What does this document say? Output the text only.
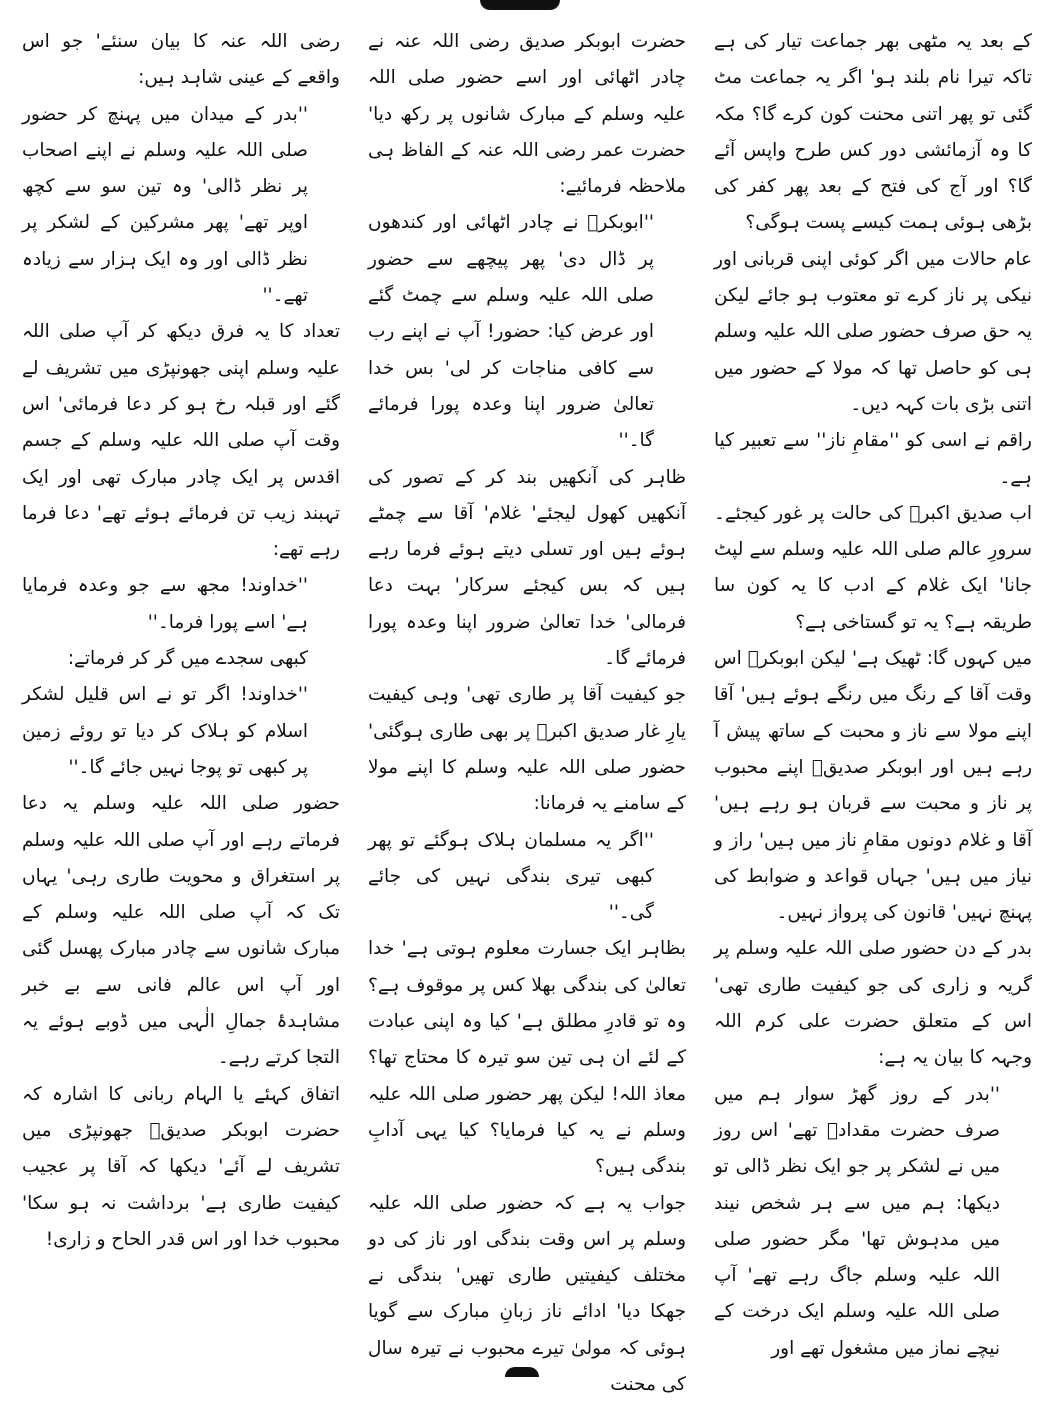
رضی اللہ عنہ کا بیان سنئے' جو اس واقعے کے عینی شاہد ہیں:

''بدر کے میدان میں پہنچ کر حضور صلی اللہ علیہ وسلم نے اپنے اصحاب پر نظر ڈالی' وہ تین سو سے کچھ اوپر تھے' پھر مشرکین کے لشکر پر نظر ڈالی اور وہ ایک ہزار سے زیادہ تھے۔''

تعداد کا یہ فرق دیکھ کر آپ صلی اللہ علیہ وسلم اپنی جھونپڑی میں تشریف لے گئے اور قبلہ رخ ہو کر دعا فرمائی' اس وقت آپ صلی اللہ علیہ وسلم کے جسم اقدس پر ایک چادر مبارک تھی اور ایک تہبند زیب تن فرمائے ہوئے تھے' دعا فرما رہے تھے:

''خداوند! مجھ سے جو وعدہ فرمایا ہے' اسے پورا فرما۔''

کبھی سجدے میں گر کر فرماتے:

''خداوند! اگر تو نے اس قلیل لشکر اسلام کو ہلاک کر دیا تو روئے زمین پر کبھی تو پوجا نہیں جائے گا۔''

حضور صلی اللہ علیہ وسلم یہ دعا فرماتے رہے اور آپ صلی اللہ علیہ وسلم پر استغراق و محویت طاری رہی' یہاں تک کہ آپ صلی اللہ علیہ وسلم کے مبارک شانوں سے چادر مبارک پھسل گئی اور آپ اس عالم فانی سے بے خبر مشاہدۂ جمالِ الٰہی میں ڈوبے ہوئے یہ التجا کرتے رہے۔

اتفاق کہئے یا الہام ربانی کا اشارہ کہ حضرت ابوبکر صدیقؓ جھونپڑی میں تشریف لے آئے' دیکھا کہ آقا پر عجیب کیفیت طاری ہے' برداشت نہ ہو سکا' محبوب خدا اور اس قدر الحاح و زاری!

حضرت ابوبکر صدیق رضی اللہ عنہ نے چادر اٹھائی اور اسے حضور صلی اللہ علیہ وسلم کے مبارک شانوں پر رکھ دیا' حضرت عمر رضی اللہ عنہ کے الفاظ ہی ملاحظہ فرمائیے:

''ابوبکرؓ نے چادر اٹھائی اور کندھوں پر ڈال دی' پھر پیچھے سے حضور صلی اللہ علیہ وسلم سے چمٹ گئے اور عرض کیا: حضور! آپ نے اپنے رب سے کافی مناجات کر لی' بس خدا تعالیٰ ضرور اپنا وعدہ پورا فرمائے گا۔''

ظاہر کی آنکھیں بند کر کے تصور کی آنکھیں کھول لیجئے' غلام' آقا سے چمٹے ہوئے ہیں اور تسلی دیتے ہوئے فرما رہے ہیں کہ بس کیجئے سرکار' بہت دعا فرمالی' خدا تعالیٰ ضرور اپنا وعدہ پورا فرمائے گا۔

جو کیفیت آقا پر طاری تھی' وہی کیفیت یارِ غار صدیق اکبرؓ پر بھی طاری ہوگئی' حضور صلی اللہ علیہ وسلم کا اپنے مولا کے سامنے یہ فرمانا:

''اگر یہ مسلمان ہلاک ہوگئے تو پھر کبھی تیری بندگی نہیں کی جائے گی۔''

بظاہر ایک جسارت معلوم ہوتی ہے' خدا تعالیٰ کی بندگی بھلا کس پر موقوف ہے؟ وہ تو قادرِ مطلق ہے' کیا وہ اپنی عبادت کے لئے ان ہی تین سو تیرہ کا محتاج تھا؟ معاذ اللہ! لیکن پھر حضور صلی اللہ علیہ وسلم نے یہ کیا فرمایا؟ کیا یہی آدابِ بندگی ہیں؟

جواب یہ ہے کہ حضور صلی اللہ علیہ وسلم پر اس وقت بندگی اور ناز کی دو مختلف کیفیتیں طاری تھیں' بندگی نے جھکا دیا' ادائے ناز زبانِ مبارک سے گویا ہوئی کہ مولیٰ تیرے محبوب نے تیرہ سال کی محنت

کے بعد یہ مٹھی بھر جماعت تیار کی ہے تاکہ تیرا نام بلند ہو' اگر یہ جماعت مٹ گئی تو پھر اتنی محنت کون کرے گا؟ مکہ کا وہ آزمائشی دور کس طرح واپس آئے گا؟ اور آج کی فتح کے بعد پھر کفر کی بڑھی ہوئی ہمت کیسے پست ہوگی؟

عام حالات میں اگر کوئی اپنی قربانی اور نیکی پر ناز کرے تو معتوب ہو جائے لیکن یہ حق صرف حضور صلی اللہ علیہ وسلم ہی کو حاصل تھا کہ مولا کے حضور میں اتنی بڑی بات کہہ دیں۔

راقم نے اسی کو ''مقامِ ناز'' سے تعبیر کیا ہے۔

اب صدیق اکبرؓ کی حالت پر غور کیجئے۔ سرورِ عالم صلی اللہ علیہ وسلم سے لپٹ جانا' ایک غلام کے ادب کا یہ کون سا طریقہ ہے؟ یہ تو گستاخی ہے؟

میں کہوں گا: ٹھیک ہے' لیکن ابوبکرؓ اس وقت آقا کے رنگ میں رنگے ہوئے ہیں' آقا اپنے مولا سے ناز و محبت کے ساتھ پیش آ رہے ہیں اور ابوبکر صدیقؓ اپنے محبوب پر ناز و محبت سے قربان ہو رہے ہیں' آقا و غلام دونوں مقامِ ناز میں ہیں' راز و نیاز میں ہیں' جہاں قواعد و ضوابط کی پہنچ نہیں' قانون کی پرواز نہیں۔

بدر کے دن حضور صلی اللہ علیہ وسلم پر گریہ و زاری کی جو کیفیت طاری تھی' اس کے متعلق حضرت علی کرم اللہ وجہہ کا بیان یہ ہے:

''بدر کے روز گھڑ سوار ہم میں صرف حضرت مقدادؓ تھے' اس روز میں نے لشکر پر جو ایک نظر ڈالی تو دیکھا: ہم میں سے ہر شخص نیند میں مدہوش تھا' مگر حضور صلی اللہ علیہ وسلم جاگ رہے تھے' آپ صلی اللہ علیہ وسلم ایک درخت کے نیچے نماز میں مشغول تھے اور
